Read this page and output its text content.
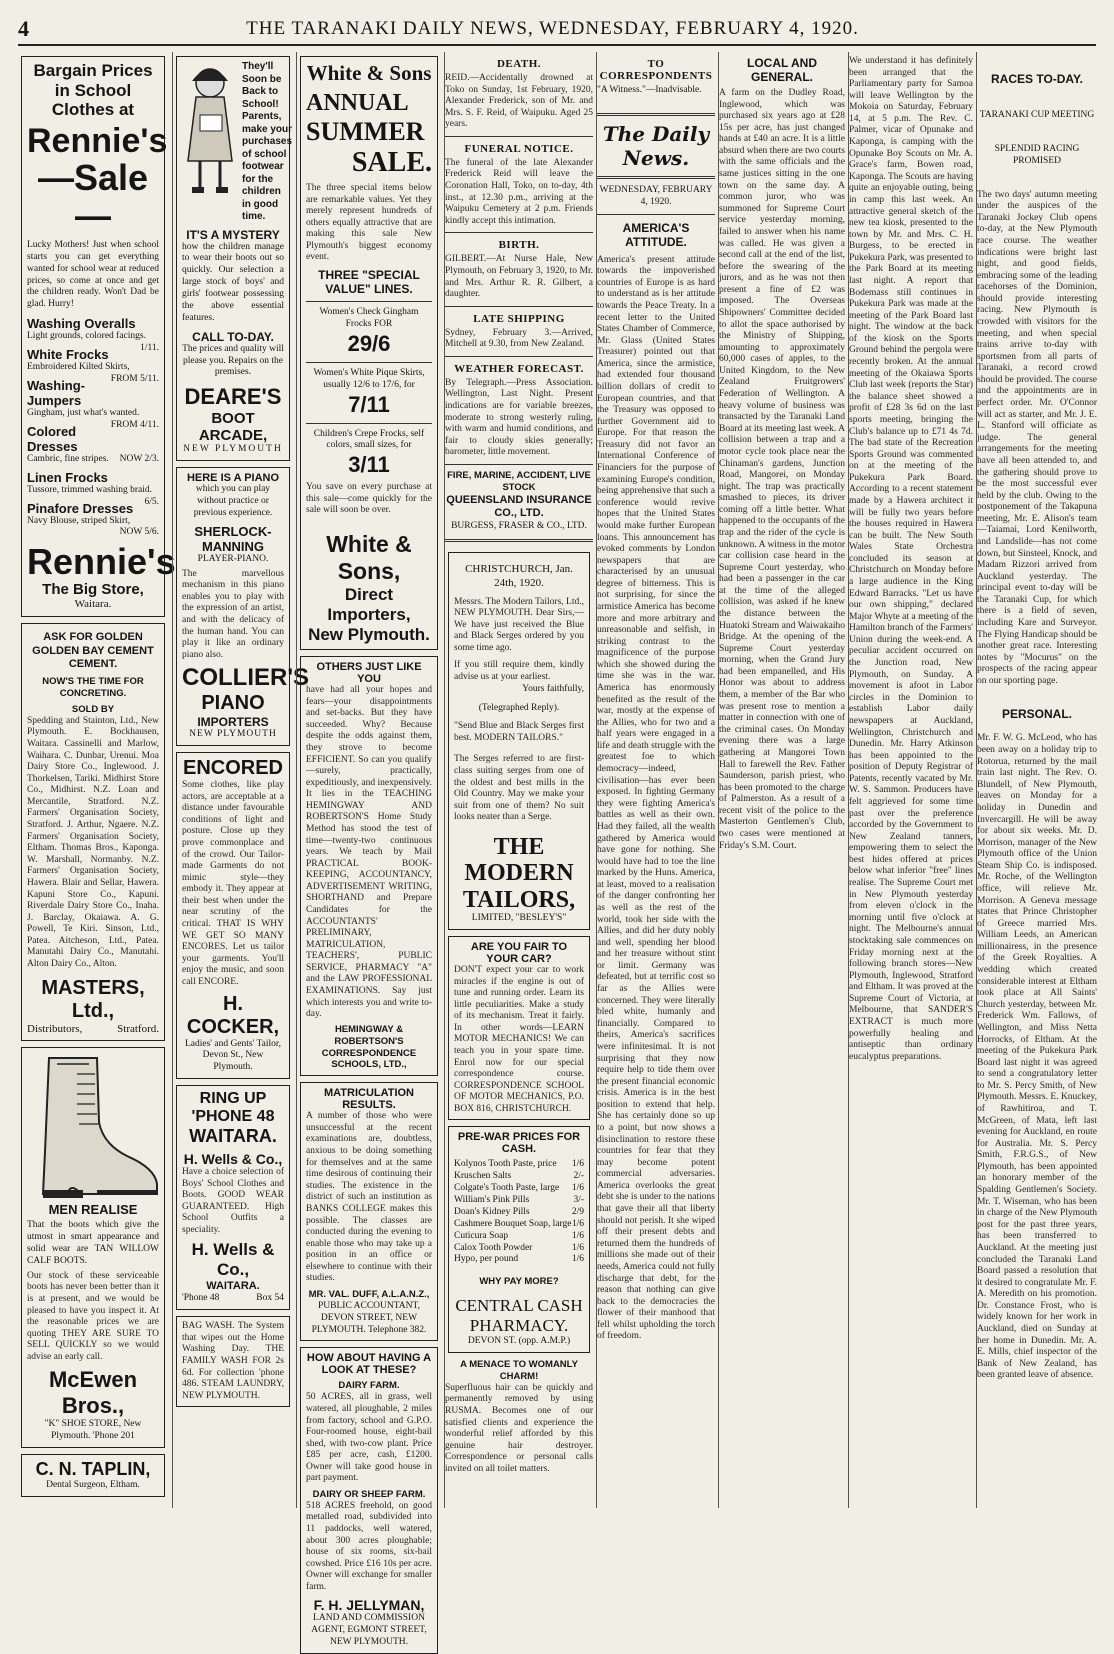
4	THE TARANAKI DAILY NEWS, WEDNESDAY, FEBRUARY 4, 1920.
Bargain Prices in School Clothes at
Rennie's
—Sale—
Lucky Mothers! Just when school starts you can get everything wanted for school wear at reduced prices, so come at once and get the children ready. Won't Dad be glad. Hurry!
Washing Overalls
Light grounds, colored facings.
1/11.
White Frocks
Embroidered Kilted Skirts,
FROM 5/11.
Washing-Jumpers
Gingham, just what's wanted.
FROM 4/11.
Colored Dresses
Cambric, fine stripes. NOW 2/3.
Linen Frocks
Tussore, trimmed washing braid.
6/5.
Pinafore Dresses
Navy Blouse, striped Skirt,
NOW 5/6.
Rennie's
The Big Store,
Waitara.
ASK FOR GOLDEN GOLDEN BAY CEMENT CEMENT.
NOW'S THE TIME FOR CONCRETING.
SOLD BY
Spedding and Stainton, Ltd., New Plymouth. E. Bockhausen, Waitara. Cassinelli and Marlow, Waihara. C. Dunbar, Urenui. Moa Dairy Store Co., Inglewood. J. Thorkelsen, Tariki. Midhirst Store Co., Midhirst. N.Z. Loan and Mercantile, Stratford. N.Z. Farmers' Organisation Society, Stratford. J. Arthur, Ngaere. N.Z. Farmers' Organisation Society, Eltham. Thomas Bros., Kaponga. W. Marshall, Normanby. N.Z. Farmers' Organisation Society, Hawera. Blair and Sellar, Hawera. Kapuni Store Co., Kapuni. Riverdale Dairy Store Co., Inaha. J. Barclay, Okaiawa. A. G. Powell, Te Kiri. Sinson, Ltd., Patea. Aitcheson, Ltd., Patea. Manutahi Dairy Co., Manutahi. Alton Dairy Co., Alton.
MASTERS, Ltd.,
Distributors,	Stratford.
MEN REALISE
That the boots which give the utmost in smart appearance and solid wear are TAN WILLOW CALF BOOTS.
Our stock of these serviceable boots has never been better than it is at present, and we would be pleased to have you inspect it. At the reasonable prices we are quoting THEY ARE SURE TO SELL QUICKLY so we would advise an early call.
McEwen Bros.,
"K" SHOE STORE, New Plymouth. 'Phone 201
C. N. TAPLIN,
Dental Surgeon, Eltham.
They'll Soon be Back to School! Parents, make your purchases of school footwear for the children in good time.
IT'S A MYSTERY
how the children manage to wear their boots out so quickly. Our selection a large stock of boys' and girls' footwear possessing the above essential features.
CALL TO-DAY.
The prices and quality will please you. Repairs on the premises.
DEARE'S
BOOT ARCADE,
NEW PLYMOUTH
HERE IS A PIANO
which you can play without practice or previous experience.
SHERLOCK-MANNING
PLAYER-PIANO.
The marvellous mechanism in this piano enables you to play with the expression of an artist, and with the delicacy of the human hand. You can play it like an ordinary piano also.
COLLIER'S
PIANO
IMPORTERS
NEW PLYMOUTH
ENCORED
Some clothes, like play actors, are acceptable at a distance under favourable conditions of light and posture. Close up they prove commonplace and of the crowd. Our Tailor-made Garments do not mimic style—they embody it. They appear at their best when under the near scrutiny of the critical. THAT IS WHY WE GET SO MANY ENCORES. Let us tailor your garments. You'll enjoy the music, and soon call ENCORE.
H. COCKER,
Ladies' and Gents' Tailor, Devon St., New Plymouth.
RING UP 'PHONE 48
WAITARA.
H. Wells & Co.,
Have a choice selection of Boys' School Clothes and Boots. GOOD WEAR GUARANTEED. High School Outfits a speciality.
H. Wells & Co.,
WAITARA.
'Phone 48	Box 54
BAG WASH. The System that wipes out the Home Washing Day. THE FAMILY WASH FOR 2s 6d. For collection 'phone 486. STEAM LAUNDRY, NEW PLYMOUTH.
White & Sons
ANNUAL
SUMMER
SALE.
The three special items below are remarkable values. Yet they merely represent hundreds of others equally attractive that are making this sale New Plymouth's biggest economy event.
THREE "SPECIAL VALUE" LINES.
Women's Check Gingham Frocks FOR
29/6
Women's White Pique Skirts, usually 12/6 to 17/6, for
7/11
Children's Crepe Frocks, self colors, small sizes, for
3/11
You save on every purchase at this sale—come quickly for the sale will soon be over.
White & Sons,
Direct Importers,
New Plymouth.
OTHERS JUST LIKE YOU
have had all your hopes and fears—your disappointments and set-backs. But they have succeeded. Why? Because despite the odds against them, they strove to become EFFICIENT. So can you qualify—surely, practically, expeditiously, and inexpensively. It lies in the TEACHING HEMINGWAY AND ROBERTSON'S Home Study Method has stood the test of time—twenty-two continuous years. We teach by Mail PRACTICAL BOOK-KEEPING, ACCOUNTANCY, ADVERTISEMENT WRITING, SHORTHAND and Prepare Candidates for the ACCOUNTANTS' PRELIMINARY, MATRICULATION, TEACHERS', PUBLIC SERVICE, PHARMACY "A" and the LAW PROFESSIONAL EXAMINATIONS. Say just which interests you and write to-day.
HEMINGWAY & ROBERTSON'S CORRESPONDENCE SCHOOLS, LTD.,
MATRICULATION RESULTS.
A number of those who were unsuccessful at the recent examinations are, doubtless, anxious to be doing something for themselves and at the same time desirous of continuing their studies. The existence in the district of such an institution as BANKS COLLEGE makes this possible. The classes are conducted during the evening to enable those who may take up a position in an office or elsewhere to continue with their studies.
MR. VAL. DUFF, A.L.A.N.Z.,
PUBLIC ACCOUNTANT, DEVON STREET, NEW PLYMOUTH. Telephone 382.
HOW ABOUT HAVING A LOOK AT THESE?
DAIRY FARM.
50 ACRES, all in grass, well watered, all ploughable, 2 miles from factory, school and G.P.O. Four-roomed house, eight-bail shed, with two-cow plant. Price £85 per acre, cash, £1200. Owner will take good house in part payment.
DAIRY OR SHEEP FARM.
518 ACRES freehold, on good metalled road, subdivided into 11 paddocks, well watered, about 300 acres ploughable; house of six rooms, six-bail cowshed. Price £16 10s per acre. Owner will exchange for smaller farm.
F. H. JELLYMAN,
LAND AND COMMISSION AGENT, EGMONT STREET, NEW PLYMOUTH.
DEATH.
REID.—Accidentally drowned at Toko on Sunday, 1st February, 1920, Alexander Frederick, son of Mr. and Mrs. S. F. Reid, of Waipuku. Aged 25 years.
FUNERAL NOTICE.
The funeral of the late Alexander Frederick Reid will leave the Coronation Hall, Toko, on to-day, 4th inst., at 12.30 p.m., arriving at the Waipuku Cemetery at 2 p.m. Friends kindly accept this intimation.
BIRTH.
GILBERT.—At Nurse Hale, New Plymouth, on February 3, 1920, to Mr. and Mrs. Arthur R. R. Gilbert, a daughter.
LATE SHIPPING
Sydney, February 3.—Arrived, Mitchell at 9.30, from New Zealand.
WEATHER FORECAST.
By Telegraph.—Press Association. Wellington, Last Night. Present indications are for variable breezes, moderate to strong westerly ruling, with warm and humid conditions, and fair to cloudy skies generally; barometer, little movement.
FIRE, MARINE, ACCIDENT, LIVE STOCK
QUEENSLAND INSURANCE CO., LTD.
BURGESS, FRASER & CO., LTD.
CHRISTCHURCH, Jan. 24th, 1920.
Messrs. The Modern Tailors, Ltd., NEW PLYMOUTH. Dear Sirs,—We have just received the Blue and Black Serges ordered by you some time ago.
If you still require them, kindly advise us at your earliest.
Yours faithfully,
(Telegraphed Reply).
"Send Blue and Black Serges first best. MODERN TAILORS."
The Serges referred to are first-class suiting serges from one of the oldest and best mills in the Old Country. May we make your suit from one of them? No suit looks neater than a Serge.
THE MODERN TAILORS,
LIMITED, "BESLEY'S"
ARE YOU FAIR TO YOUR CAR?
DON'T expect your car to work miracles if the engine is out of tune and running order. Learn its little peculiarities. Make a study of its mechanism. Treat it fairly. In other words—LEARN MOTOR MECHANICS! We can teach you in your spare time. Enrol now for our special correspondence course. CORRESPONDENCE SCHOOL OF MOTOR MECHANICS, P.O. BOX 816, CHRISTCHURCH.
PRE-WAR PRICES FOR CASH.
Kolynos Tooth Paste, price 1/6
Kruschen Salts	2/-
Colgate's Tooth Paste, large 1/6
William's Pink Pills	3/-
Doan's Kidney Pills	2/9
Cashmere Bouquet Soap, large 1/6
Cuticura Soap	1/6
Calox Tooth Powder	1/6
Hypo, per pound	1/6
WHY PAY MORE?
CENTRAL CASH PHARMACY.
DEVON ST. (opp. A.M.P.)
A MENACE TO WOMANLY CHARM!
Superfluous hair can be quickly and permanently removed by using RUSMA. Becomes one of our satisfied clients and experience the wonderful relief afforded by this genuine hair destroyer. Correspondence or personal calls invited on all toilet matters.
TO CORRESPONDENTS
"A Witness."—Inadvisable.
The Daily News.
WEDNESDAY, FEBRUARY 4, 1920.
AMERICA'S ATTITUDE.
America's present attitude towards the impoverished countries of Europe is as hard to understand as is her attitude towards the Peace Treaty. In a recent letter to the United States Chamber of Commerce, Mr. Glass (United States Treasurer) pointed out that America, since the armistice, had extended four thousand billion dollars of credit to European countries, and that the Treasury was opposed to further Government aid to Europe. For that reason the Treasury did not favor an International Conference of Financiers for the purpose of examining Europe's condition, being apprehensive that such a conference would revive hopes that the United States would make further European loans. This announcement has evoked comments by London newspapers that are characterised by an unusual degree of bitterness. This is not surprising, for since the armistice America has become more and more arbitrary and unreasonable and selfish, in striking contrast to the magnificence of the purpose which she showed during the time she was in the war. America has enormously benefited as the result of the war, mostly at the expense of the Allies, who for two and a half years were engaged in a life and death struggle with the greatest foe to which democracy—indeed, civilisation—has ever been exposed. In fighting Germany they were fighting America's battles as well as their own. Had they failed, all the wealth gathered by America would have gone for nothing. She would have had to toe the line marked by the Huns. America, at least, moved to a realisation of the danger confronting her as well as the rest of the world, took her side with the Allies, and did her duty nobly and well, spending her blood and her treasure without stint or limit. Germany was defeated, but at terrific cost so far as the Allies were concerned. They were literally bled white, humanly and financially. Compared to theirs, America's sacrifices were infinitesimal. It is not surprising that they now require help to tide them over the present financial economic crisis. America is in the best position to extend that help. She has certainly done so up to a point, but now shows a disinclination to restore these countries for fear that they may become potent commercial adversaries. America overlooks the great debt she is under to the nations that gave their all that liberty should not perish. It she wiped off their present debts and returned them the hundreds of millions she made out of their needs, America could not fully discharge that debt, for the reason that nothing can give back to the democracies the flower of their manhood that fell whilst upholding the torch of freedom.
LOCAL AND GENERAL.
A farm on the Dudley Road, Inglewood, which was purchased six years ago at £28 15s per acre, has just changed hands at £40 an acre. It is a little absurd when there are two courts with the same officials and the same justices sitting in the one town on the same day. A common juror, who was summoned for Supreme Court service yesterday morning, failed to answer when his name was called. He was given a second call at the end of the list, before the swearing of the jurors, and as he was not then present a fine of £2 was imposed. The Overseas Shipowners' Committee decided to allot the space authorised by the Ministry of Shipping, amounting to approximately 60,000 cases of apples, to the United Kingdom, to the New Zealand Fruitgrowers' Federation of Wellington. A heavy volume of business was transacted by the Taranaki Land Board at its meeting last week. A collision between a trap and a motor cycle took place near the Chinaman's gardens, Junction Road, Mangorei, on Monday night. The trap was practically smashed to pieces, its driver coming off a little better. What happened to the occupants of the trap and the rider of the cycle is unknown. A witness in the motor car collision case heard in the Supreme Court yesterday, who had been a passenger in the car at the time of the alleged collision, was asked if he knew the distance between the Huatoki Stream and Waiwakaiho Bridge. At the opening of the Supreme Court yesterday morning, when the Grand Jury had been empanelled, and His Honor was about to address them, a member of the Bar who was present rose to mention a matter in connection with one of the criminal cases. On Monday evening there was a large gathering at Mangorei Town Hall to farewell the Rev. Father Saunderson, parish priest, who has been promoted to the charge of Palmerston. As a result of a recent visit of the police to the Masterton Gentlemen's Club, two cases were mentioned at Friday's S.M. Court.
We understand it has definitely been arranged that the Parliamentary party for Samoa will leave Wellington by the Mokoia on Saturday, February 14, at 5 p.m. The Rev. C. Palmer, vicar of Opunake and Kaponga, is camping with the Opunake Boy Scouts on Mr. A. Grace's farm, Bowen road, Kaponga. The Scouts are having quite an enjoyable outing, being in camp this last week. An attractive general sketch of the new tea kiosk, presented to the town by Mr. and Mrs. C. H. Burgess, to be erected in Pukekura Park, was presented to the Park Board at its meeting last night. A report that Bodemass still continues in Pukekura Park was made at the meeting of the Park Board last night. The window at the back of the kiosk on the Sports Ground behind the pergola were recently broken. At the annual meeting of the Okaiawa Sports Club last week (reports the Star) the balance sheet showed a profit of £28 3s 6d on the last sports meeting, bringing the Club's balance up to £71 4s 7d. The bad state of the Recreation Sports Ground was commented on at the meeting of the Pukekura Park Board. According to a recent statement made by a Hawera architect it will be fully two years before the houses required in Hawera can be built. The New South Wales State Orchestra concluded its season at Christchurch on Monday before a large audience in the King Edward Barracks. "Let us have our own shipping," declared Major Whyte at a meeting of the Hamilton branch of the Farmers' Union during the week-end. A peculiar accident occurred on the Junction road, New Plymouth, on Sunday. A movement is afoot in Labor circles in the Dominion to establish Labor daily newspapers at Auckland, Wellington, Christchurch and Dunedin. Mr. Harry Atkinson has been appointed to the position of Deputy Registrar of Patents, recently vacated by Mr. W. S. Sammon. Producers have felt aggrieved for some time past over the preference accorded by the Government to New Zealand tanners, empowering them to select the best hides offered at prices below what inferior "free" lines realise. The Supreme Court met in New Plymouth yesterday from eleven o'clock in the morning until five o'clock at night. The Melbourne's annual stocktaking sale commences on Friday morning next at the following branch stores—New Plymouth, Inglewood, Stratford and Eltham. It was proved at the Supreme Court of Victoria, at Melbourne, that SANDER'S EXTRACT is much more powerfully healing and antiseptic than ordinary eucalyptus preparations.
RACES TO-DAY.
TARANAKI CUP MEETING
SPLENDID RACING PROMISED
The two days' autumn meeting under the auspices of the Taranaki Jockey Club opens to-day, at the New Plymouth race course. The weather indications were bright last night, and good fields, embracing some of the leading racehorses of the Dominion, should provide interesting racing. New Plymouth is crowded with visitors for the meeting, and when special trains arrive to-day with sportsmen from all parts of Taranaki, a record crowd should be provided. The course and the appointments are in perfect order. Mr. O'Connor will act as starter, and Mr. J. E. L. Stanford will officiate as judge. The general arrangements for the meeting have all been attended to, and the gathering should prove to be the most successful ever held by the club. Owing to the postponement of the Takapuna meeting, Mr. E. Alison's team—Taiamai, Lord Kenilworth, and Landslide—has not come down, but Sinsteel, Knock, and Madam Rizzori arrived from Auckland yesterday. The principal event to-day will be the Taranaki Cup, for which there is a field of seven, including Kare and Surveyor. The Flying Handicap should be another great race. Interesting notes by "Mocurus" on the prospects of the racing appear on our sporting page.
PERSONAL.
Mr. F. W. G. McLeod, who has been away on a holiday trip to Rotorua, returned by the mail train last night. The Rev. O. Blundell, of New Plymouth, leaves on Monday for a holiday in Dunedin and Invercargill. He will be away for about six weeks. Mr. D. Morrison, manager of the New Plymouth office of the Union Steam Ship Co. is indisposed. Mr. Roche, of the Wellington office, will relieve Mr. Morrison. A Geneva message states that Prince Christopher of Greece married Mrs. William Leeds, an American millionairess, in the presence of the Greek Royalties. A wedding which created considerable interest at Eltham took place at All Saints' Church yesterday, between Mr. Frederick Wm. Fallows, of Wellington, and Miss Netta Horrocks, of Eltham. At the meeting of the Pukekura Park Board last night it was agreed to send a congratulatory letter to Mr. S. Percy Smith, of New Plymouth. Messrs. E. Knuckey, of Rawhitiroa, and T. McGreen, of Mata, left last evening for Auckland, en route for Australia. Mr. S. Percy Smith, F.R.G.S., of New Plymouth, has been appointed an honorary member of the Spalding Gentlemen's Society. Mr. T. Wiseman, who has been in charge of the New Plymouth post for the past three years, has been transferred to Auckland. At the meeting just concluded the Taranaki Land Board passed a resolution that it desired to congratulate Mr. F. A. Meredith on his promotion. Dr. Constance Frost, who is widely known for her work in Auckland, died on Sunday at her home in Dunedin. Mr. A. E. Mills, chief inspector of the Bank of New Zealand, has been granted leave of absence.
